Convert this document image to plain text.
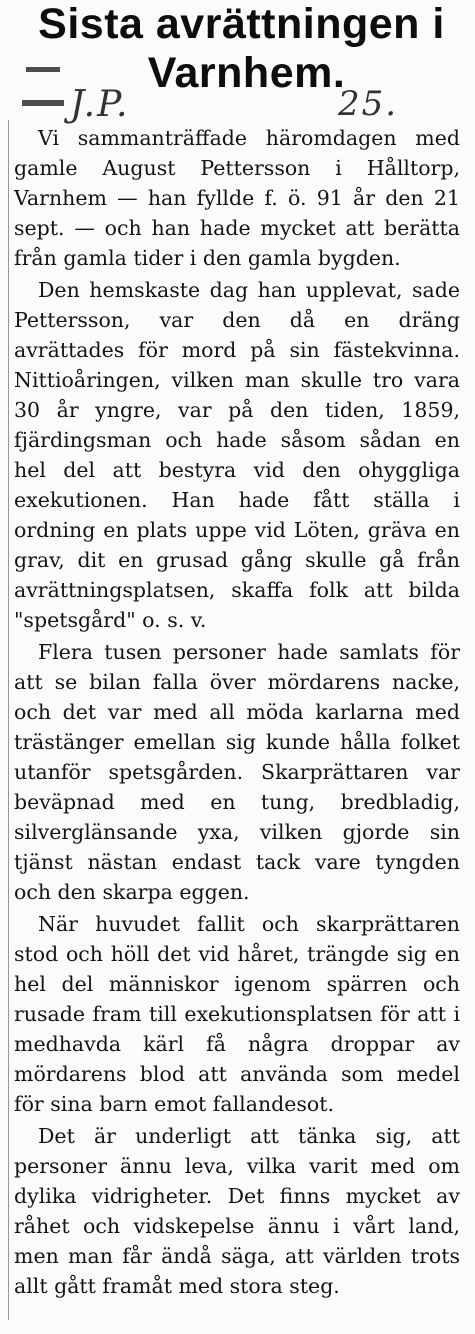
Sista avrättningen i
Varnhem.
J.P.	25.

Vi sammanträffade häromdagen med gamle August Pettersson i Hålltorp, Varnhem — han fyllde f. ö. 91 år den 21 sept. — och han hade mycket att berätta från gamla tider i den gamla bygden.

Den hemskaste dag han upplevat, sade Pettersson, var den då en dräng avrättades för mord på sin fästekvinna. Nittioåringen, vilken man skulle tro vara 30 år yngre, var på den tiden, 1859, fjärdingsman och hade såsom sådan en hel del att bestyra vid den ohyggliga exekutionen. Han hade fått ställa i ordning en plats uppe vid Löten, gräva en grav, dit en grusad gång skulle gå från avrättningsplatsen, skaffa folk att bilda "spetsgård" o. s. v.

Flera tusen personer hade samlats för att se bilan falla över mördarens nacke, och det var med all möda karlarna med trästänger emellan sig kunde hålla folket utanför spetsgården. Skarprättaren var beväpnad med en tung, bredbladig, silverglänsande yxa, vilken gjorde sin tjänst nästan endast tack vare tyngden och den skarpa eggen.

När huvudet fallit och skarprättaren stod och höll det vid håret, trängde sig en hel del människor igenom spärren och rusade fram till exekutionsplatsen för att i medhavda kärl få några droppar av mördarens blod att använda som medel för sina barn emot fallandesot.

Det är underligt att tänka sig, att personer ännu leva, vilka varit med om dylika vidrigheter. Det finns mycket av råhet och vidskepelse ännu i vårt land, men man får ändå säga, att världen trots allt gått framåt med stora steg.
